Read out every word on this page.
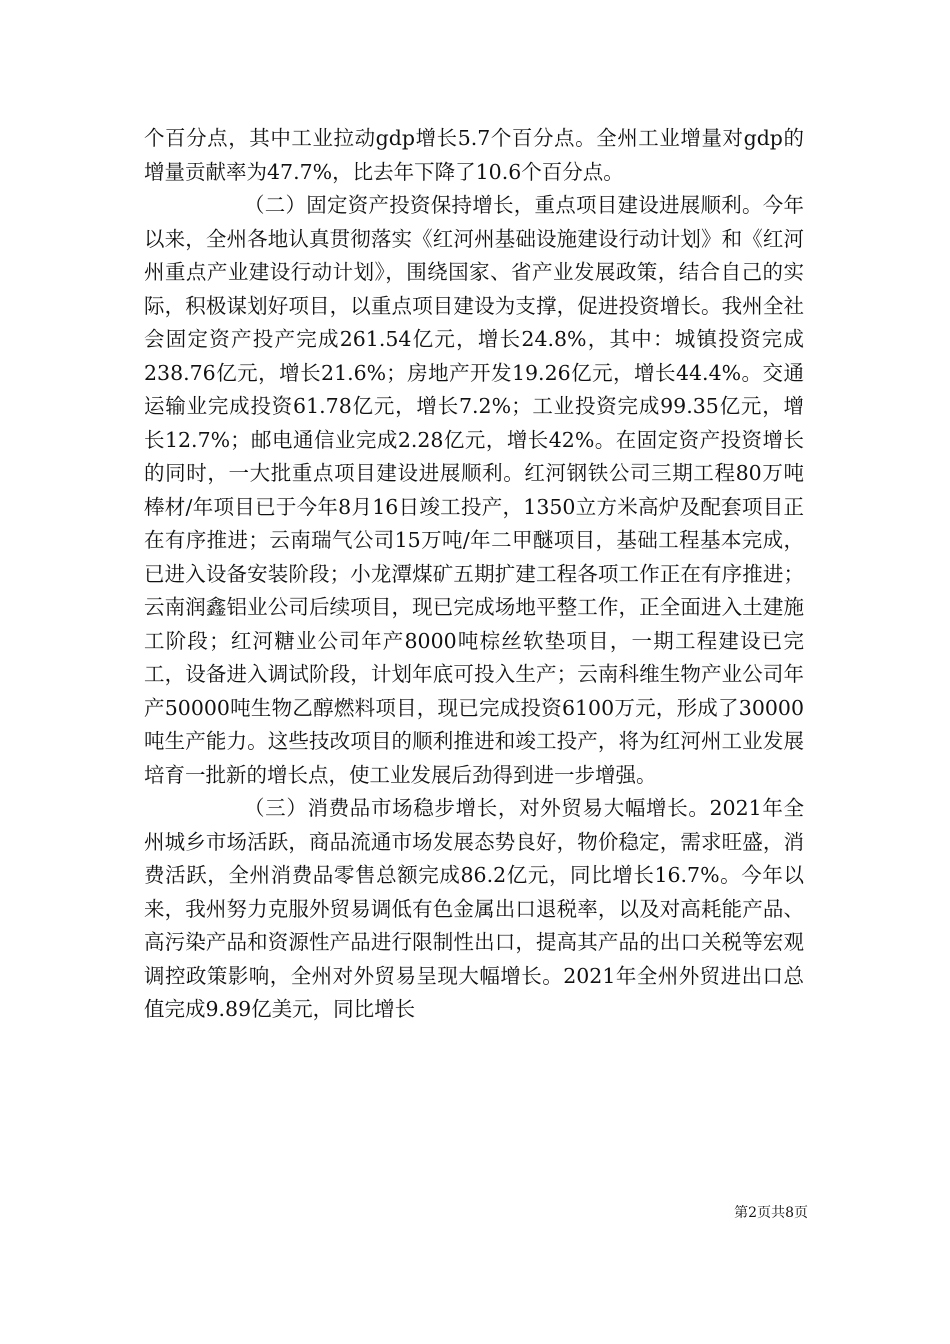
个百分点，其中工业拉动gdp增长5.7个百分点。全州工业增量对gdp的增量贡献率为47.7%，比去年下降了10.6个百分点。

（二）固定资产投资保持增长，重点项目建设进展顺利。今年以来，全州各地认真贯彻落实《红河州基础设施建设行动计划》和《红河州重点产业建设行动计划》，围绕国家、省产业发展政策，结合自己的实际，积极谋划好项目，以重点项目建设为支撑，促进投资增长。我州全社会固定资产投产完成261.54亿元，增长24.8%，其中：城镇投资完成238.76亿元，增长21.6%；房地产开发19.26亿元，增长44.4%。交通运输业完成投资61.78亿元，增长7.2%；工业投资完成99.35亿元，增长12.7%；邮电通信业完成2.28亿元，增长42%。在固定资产投资增长的同时，一大批重点项目建设进展顺利。红河钢铁公司三期工程80万吨棒材/年项目已于今年8月16日竣工投产，1350立方米高炉及配套项目正在有序推进；云南瑞气公司15万吨/年二甲醚项目，基础工程基本完成，已进入设备安装阶段；小龙潭煤矿五期扩建工程各项工作正在有序推进；云南润鑫铝业公司后续项目，现已完成场地平整工作，正全面进入土建施工阶段；红河糖业公司年产8000吨棕丝软垫项目，一期工程建设已完工，设备进入调试阶段，计划年底可投入生产；云南科维生物产业公司年产50000吨生物乙醇燃料项目，现已完成投资6100万元，形成了30000吨生产能力。这些技改项目的顺利推进和竣工投产，将为红河州工业发展培育一批新的增长点，使工业发展后劲得到进一步增强。

（三）消费品市场稳步增长，对外贸易大幅增长。2021年全州城乡市场活跃，商品流通市场发展态势良好，物价稳定，需求旺盛，消费活跃，全州消费品零售总额完成86.2亿元，同比增长16.7%。今年以来，我州努力克服外贸易调低有色金属出口退税率，以及对高耗能产品、高污染产品和资源性产品进行限制性出口，提高其产品的出口关税等宏观调控政策影响，全州对外贸易呈现大幅增长。2021年全州外贸进出口总值完成9.89亿美元，同比增长

第2页共8页
